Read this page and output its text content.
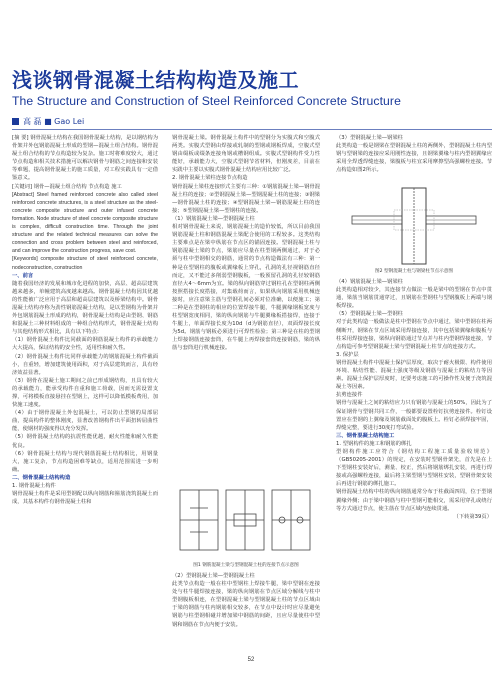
浅谈钢骨混凝土结构构造及施工
The Structure and Construction of Steel Reinforced Concrete Structure
高 磊 ■ Gao Lei

[摘 要] 钢骨混凝土结构在我国钢骨混凝土结构，是以钢结构为骨架并外包钢筋混凝土形成的型钢—混凝土组合结构。钢骨混凝土组合结构的节点构造较为复杂。施工时将难度较大，通过节点构造和相关技术措施可以解决钢骨与钢筋之间连接和安装等难题，提高钢骨混凝土的施工质量，对工程实践具有一定借鉴意义。

[关键词] 钢骨—混凝土组合结构 节点构造 施工

[Abstract] Steel framed reinforced concrete also called steel reinforced concrete structures, is a steel structure as the steel-concrete composite structure and outer infused concrete formation. Node structure of steel concrete composite structure is complex, difficult construction time. Through the joint structure and the related technical measures can solve the connection and cross problem between steel and reinforced, and can improve the construction progress, save cost.

[Keywords] composite structure of steel reinforced concrete, nodeconstruction, construction

一、前言

随着我国经济的发展和城市化进程的加快，高层、超高层建筑越来越多，单幢建筑高度越来越高。钢骨混凝土结构因其优越的性能被广泛应用于高层和超高层建筑以及桥梁结构中。钢骨混凝土结构亦称为劲性钢筋混凝土结构，是以型钢构为骨架并外包钢筋混凝土形成的结构，钢骨混凝土结构是由型钢、钢筋和混凝土三种材料组成的一种组合结构形式，钢骨混凝土结构与其他结构形式相比，具有以下特点：

（1）钢骨混凝土构件比同截面的钢筋混凝土构件的承载能力大大提高，保证结构的安全性，适用性和耐久性。

（2）钢骨混凝土构件比同样承载能力的钢筋混凝土构件截面小，自重轻，增加建筑使用面积，对于高层建筑而言，具有经济效益显著。

（3）钢骨在混凝土施工期间之前已形成钢结构，且具有较大的承载能力，能承受构件自重和施工荷载，因而无需设置支撑，可将模板直接悬挂在型钢上，这样可以降低模板费用，加快施工速度。

（4）由于钢骨混凝土外包混凝土，可以防止型钢的局部屈曲，提高构件的整体刚度，显著改善钢构件出平面扭转屈曲性能，使钢材的强度得以充分发挥。

（5）钢骨混凝土结构的抗震性能优越，耐火性能和耐久性能优良。

（6）钢骨混凝土结构与现代钢筋混凝土结构相比，用钢量大，施工复杂，节点构造困难等缺点，适用范围需进一步明确。

二、钢骨混凝土结构构造

1. 钢骨混凝土构件

钢骨混凝土构件是采用型钢配以纵向钢筋和箍筋浇筑混凝土而成，其基本构件有钢骨混凝土柱和

钢骨混凝土梁。钢骨混凝土构件中的型钢分为实腹式和空腹式两类。实腹式型钢由焊接或轧制的型钢或钢板焊成，空腹式型钢由缀板或缀条连接角钢或槽钢组成。实腹式型钢构件受力性能好，承载能力大，空腹式型钢节省材料，但刚度差，目前在实践中主要以实腹式钢骨混凝土结构应用比较广泛。

2. 钢骨混凝土梁柱连接节点构造

钢骨混凝土梁柱连接形式主要有三种：①钢筋混凝土梁—钢骨混凝土柱的连接；②型钢混凝土梁—型钢混凝土柱的连接；③钢梁—钢骨混凝土柱的连接；④型钢混凝土梁—钢筋混凝土柱的连接；⑤型钢混凝土梁—型钢柱的连接。

（1）钢筋混凝土梁—型钢混凝土柱

相对钢骨混凝土来说，钢筋混凝土的造价较低，所以目前我国钢筋混凝土柱和钢筋混凝土梁配合使用的工程较多。这类结构主要难点是在梁中纵筋在节点区的锚固连接。型钢混凝土柱与钢筋混凝土梁的节点，梁筋应尽量在柱型钢两侧通过，对于必须与柱中型钢相交的钢筋，通常的节点构造做法有三种：第一种是在型钢柱的腹板或翼缘板上穿孔，孔洞的孔径视钢筋直径而定，又不能过多削弱型钢腹板，一般预留孔洞的孔径较钢筋直径大4～6mm为宜。梁的纵向钢筋穿过钢柱孔在型钢柱两侧按照搭接长度搭接，对集载荷而言，如果纵向钢筋采用机械连接时，应注意梁主筋与型钢孔间必须对位准确，以便施工；第二种是在型钢柱的相应的位置焊接牛腿，牛腿翼缘钢板宽度与柱型钢宽度相同，梁的纵向钢筋与牛腿翼缘板搭接焊，连接于牛腿上，单面焊接长度为10d（d为钢筋直径），双面焊接长度为5d。钢筋与钢板必须进行可焊性检验；第三种是在柱的型钢上焊接钢筋连接套筒，在牛腿上再焊接套筒连接钢筋，梁的纵筋与套筒进行机械连接。

（3）型钢混凝土梁—钢梁柱

此类构造一般是钢梁在型钢混凝土柱的两侧外，型钢混凝土柱内型钢与型钢梁的连接应采用刚性连接，且钢梁翼缘与柱内型钢翼缘应采用全焊透焊缝连接，梁腹板与柱宜采用摩擦型高强螺栓连接。节点构造如图2所示。

图2 型钢混凝土柱与钢梁柱节点示意图

（4）钢筋混凝土梁—钢梁柱

此类构造相对较少，其连接节点做法一般是梁中的型钢在节点中贯通，梁筋当钢筋贯通穿过，且钢筋在型钢柱与型钢腹板上两端与钢板焊接。

（5）型钢混凝土梁—型钢柱

对于此类构造一般做法是柱中型钢在节点中通过，梁中型钢在柱两侧断开，钢梁在节点区域采用焊接连接，其中包括梁翼缘和腹板与柱采用焊接连接，梁纵向钢筋通过节点并与柱内型钢焊接连接，节点构造可参考型钢混凝土梁与型钢混凝土柱节点的连接方式。

3. 保护层

钢骨混凝土构件中混凝土保护层厚度，取决于耐火极限、构件使用环境、粘结性能、混凝土强度等级及钢筋与混凝土的粘结力等因素。混凝土保护层厚度时，还要考虑施工的可操作性及便于浇筑混凝土等因素。

抗剪连接件

钢骨与混凝土之间的粘结应力只有钢筋与混凝土的50%，因此为了保证钢骨与型钢共同工作，一般都要设置栓钉抗剪连接件。栓钉设置应在型钢的上翼缘及钢筋截面处的腹板上。栓钉必须焊接牢固，焊缝完整，要进行30度打弯试验。

三、钢骨混凝土结构施工

1. 型钢构件的施工和钢筋的绑扎

型钢构件施工应符合《钢结构工程施工质量验收规范》（GB50205-2001）的规定，在安装时型钢骨架先，首先是在上下型钢柱安装好后，测量、校正，然后将钢筋绑扎安装，再进行焊接或高强螺栓连接，最后将主梁型钢与型钢柱安装，型钢骨架安装后再进行钢筋的绑扎施工。

钢骨混凝土结构中柱的纵向钢筋通常分布于柱截面四周，位于型钢翼缘外侧；由于梁中钢筋与柱中型钢可能相交，需采用穿孔或绕行等方式通过节点，使主筋在节点区域内连续贯通。

（下转第39页）

图1 钢筋混凝土梁与型钢混凝土柱的连接节点示意图

（2）型钢混凝土梁—型钢混凝土柱

此类节点构造一般在柱中型钢柱上焊接牛腿，梁中型钢在连接处与柱牛腿焊接连接，梁的纵向钢筋在节点区域分解线与柱中型钢腹板相连，在型钢混凝土梁与型钢混凝土柱的节点区域由于梁的钢筋与柱内钢筋相交较多，在节点中设计时应尽量避免钢筋与柱型钢相碰并增加梁中钢筋的间距，且应尽量使柱中型钢和钢筋在节点内便于安装。

52
